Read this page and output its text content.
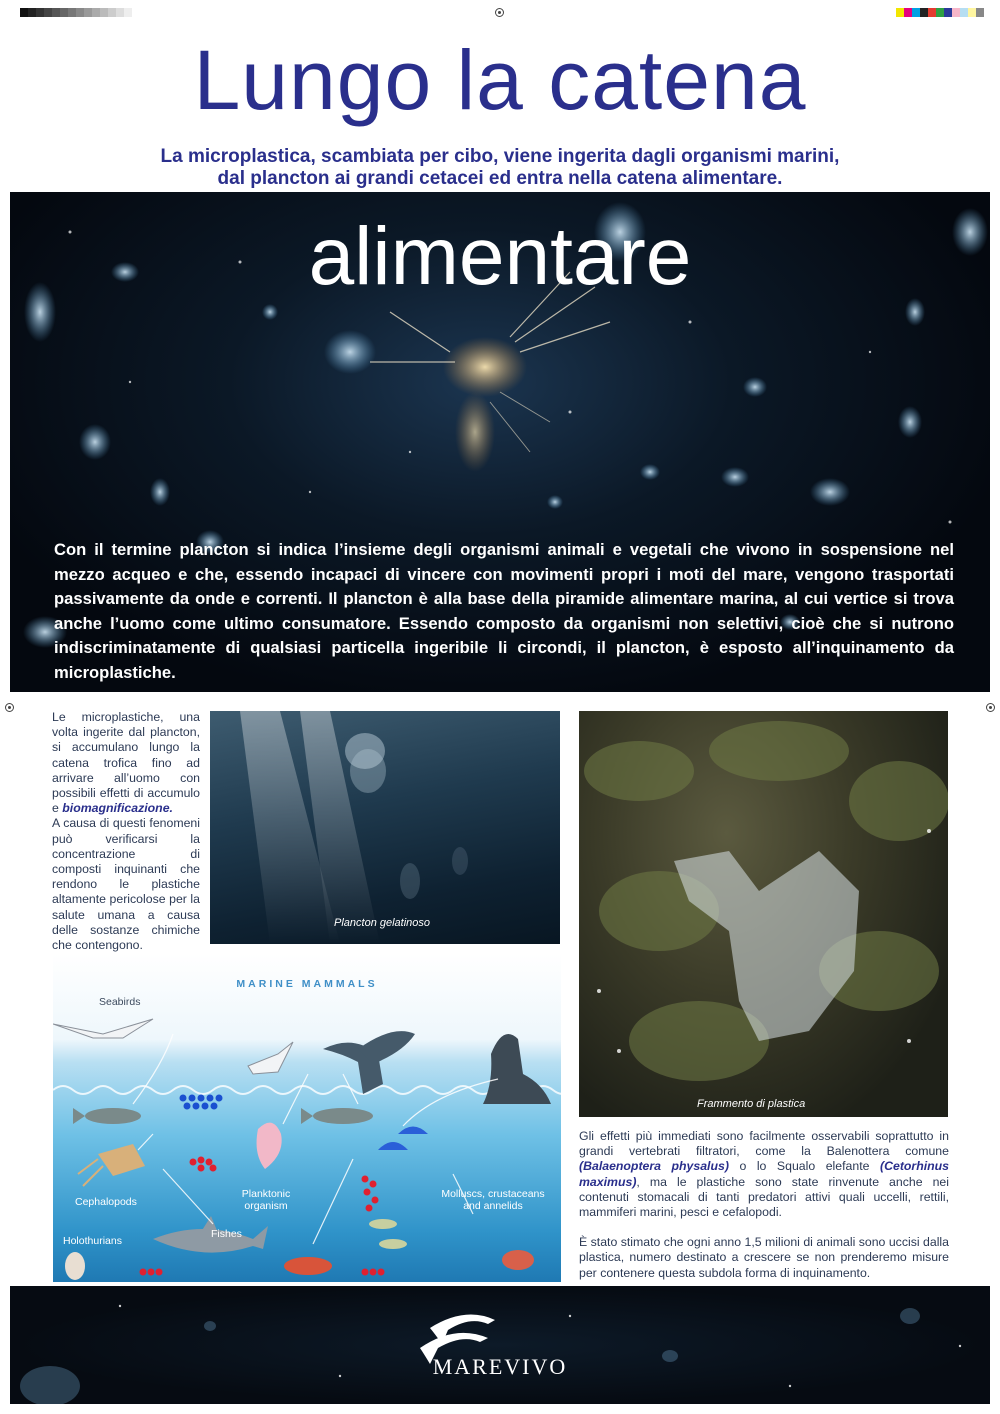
Lungo la catena
La microplastica, scambiata per cibo, viene ingerita dagli organismi marini,
dal plancton ai grandi cetacei ed entra nella catena alimentare.
alimentare

Con il termine plancton si indica l’insieme degli organismi animali e vegetali che vivono in sospensione nel mezzo acqueo e che, essendo incapaci di vincere con movimenti propri i moti del mare, vengono trasportati passivamente da onde e correnti. Il plancton è alla base della piramide alimentare marina, al cui vertice si trova anche l’uomo come ultimo consumatore. Essendo composto da organismi non selettivi, cioè che si nutrono indiscriminatamente di qualsiasi particella ingeribile li circondi, il plancton, è esposto all’inquinamento da microplastiche.

Le microplastiche, una volta ingerite dal plancton, si accumulano lungo la catena trofica fino ad arrivare all’uomo con possibili effetti di accumulo e biomagnificazione.
A causa di questi fenomeni può verificarsi la concentrazione di composti inquinanti che rendono le plastiche altamente pericolose per la salute umana a causa delle sostanze chimiche che contengono.
Plancton gelatinoso
Frammento di plastica
MARINE MAMMALS
Seabirds
Cephalopods
Planktonic
organism
Molluscs, crustaceans
and annelids
Fishes
Holothurians

Gli effetti più immediati sono facilmente osservabili soprattutto in grandi vertebrati filtratori, come la Balenottera comune (Balaenoptera physalus) o lo Squalo elefante (Cetorhinus maximus), ma le plastiche sono state rinvenute anche nei contenuti stomacali di tanti predatori attivi quali uccelli, rettili, mammiferi marini, pesci e cefalopodi.

È stato stimato che ogni anno 1,5 milioni di animali sono uccisi dalla plastica, numero destinato a crescere se non prenderemo misure per contenere questa subdola forma di inquinamento.

MAREVIVO
